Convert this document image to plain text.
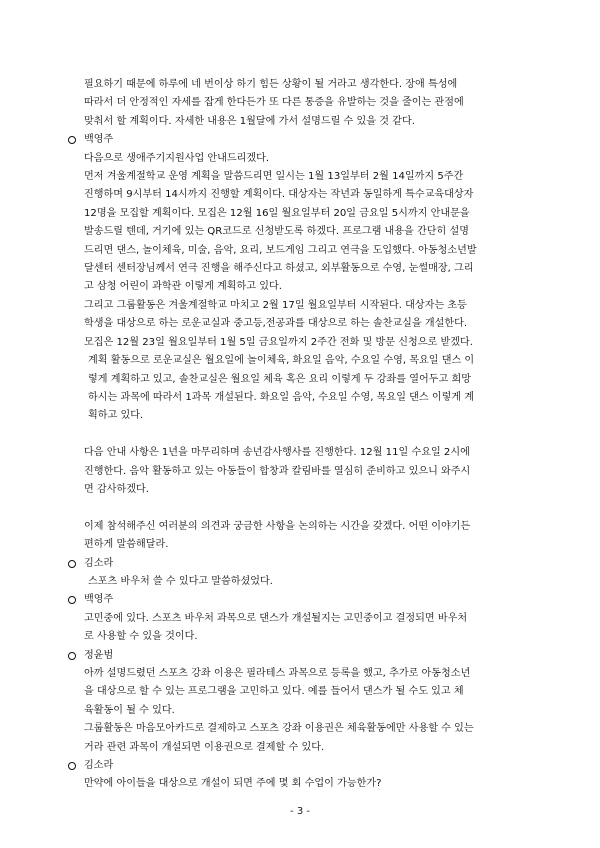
필요하기 때문에 하루에 네 번이상 하기 힘든 상황이 될 거라고 생각한다. 장애 특성에

따라서 더 안정적인 자세를 잡게 한다든가 또 다른 통증을 유발하는 것을 줄이는 관점에

맞춰서 할 계획이다. 자세한 내용은 1월달에 가서 설명드릴 수 있을 것 같다.

백영주

다음으로 생애주기지원사업 안내드리겠다.

먼저 겨울계절학교 운영 계획을 말씀드리면 일시는 1월 13일부터 2월 14일까지 5주간

진행하며 9시부터 14시까지 진행할 계획이다. 대상자는 작년과 동일하게 특수교육대상자

12명을 모집할 계획이다. 모집은 12월 16일 월요일부터 20일 금요일 5시까지 안내문을

발송드릴 텐데, 거기에 있는 QR코드로 신청받도록 하겠다. 프로그램 내용을 간단히 설명

드리면 댄스, 놀이체육, 미술, 음악, 요리, 보드게임 그리고 연극을 도입했다. 아동청소년발

달센터 센터장님께서 연극 진행을 해주신다고 하셨고, 외부활동으로 수영, 눈썰매장, 그리

고 삼청 어린이 과학관 이렇게 계획하고 있다.

그리고 그룹활동은 겨울계절학교 마치고 2월 17일 월요일부터 시작된다. 대상자는 초등

학생을 대상으로 하는 로운교실과 중고등,전공과를 대상으로 하는 솔찬교실을 개설한다.

모집은 12월 23일 월요일부터 1월 5일 금요일까지 2주간 전화 및 방문 신청으로 받겠다.

계획 활동으로 로운교실은 월요일에 놀이체육, 화요일 음악, 수요일 수영, 목요일 댄스 이

렇게 계획하고 있고, 솔찬교실은 월요일 체육 혹은 요리 이렇게 두 강좌를 열어두고 희망

하시는 과목에 따라서 1과목 개설된다. 화요일 음악, 수요일 수영, 목요일 댄스 이렇게 계

획하고 있다.

다음 안내 사항은 1년을 마무리하며 송년감사행사를 진행한다. 12월 11일 수요일 2시에

진행한다. 음악 활동하고 있는 아동들이 합창과 칼림바를 열심히 준비하고 있으니 와주시

면 감사하겠다.

이제 참석해주신 여러분의 의견과 궁금한 사항을 논의하는 시간을 갖겠다. 어떤 이야기든

편하게 말씀해달라.

김소라

스포츠 바우처 쓸 수 있다고 말씀하셨었다.

백영주

고민중에 있다. 스포츠 바우처 과목으로 댄스가 개설될지는 고민중이고 결정되면 바우처

로 사용할 수 있을 것이다.

정윤범

아까 설명드렸던 스포츠 강좌 이용은 필라테스 과목으로 등록을 했고, 추가로 아동청소년

을 대상으로 할 수 있는 프로그램을 고민하고 있다. 예를 들어서 댄스가 될 수도 있고 체

육활동이 될 수 있다.

그룹활동은 마음모아카드로 결제하고 스포츠 강좌 이용권은 체육활동에만 사용할 수 있는

거라 관련 과목이 개설되면 이용권으로 결제할 수 있다.

김소라

만약에 아이들을 대상으로 개설이 되면 주에 몇 회 수업이 가능한가?

- 3 -
